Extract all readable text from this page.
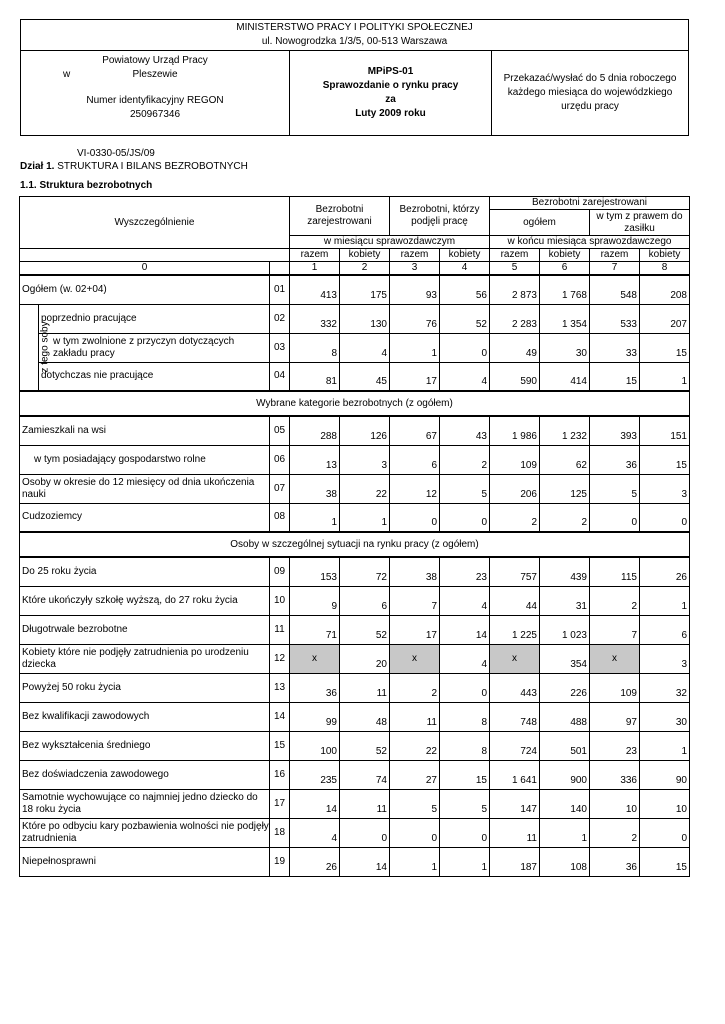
MINISTERSTWO PRACY I POLITYKI SPOŁECZNEJ
ul. Nowogrodzka 1/3/5, 00-513 Warszawa

Powiatowy Urząd Pracy
w	Pleszewie
Numer identyfikacyjny REGON
250967346

MPiPS-01
Sprawozdanie o rynku pracy
za
Luty 2009 roku
	Przekazać/wysłać do 5 dnia roboczego każdego miesiąca do wojewódzkiego urzędu pracy
VI-0330-05/JS/09
Dział 1. STRUKTURA I BILANS BEZROBOTNYCH
1.1. Struktura bezrobotnych
Wyszczególnienie			Bezrobotni zarejestrowani		Bezrobotni, którzy podjęli pracę		Bezrobotni zarejestrowani			
							ogółem		w tym z prawem do zasiłku	
			w miesiącu sprawozdawczym				w końcu miesiąca sprawozdawczego			
			razem	kobiety	razem	kobiety	razem	kobiety	razem	kobiety
0			1	2	3	4	5	6	7	8
Ogółem (w. 02+04)		01	413	175	93	56	2 873	1 768	548	208
z tego soby	poprzednio pracujące	02	332	130	76	52	2 283	1 354	533	207
	w tym zwolnione z przyczyn dotyczących zakładu pracy	03	8	4	1	0	49	30	33	15
	dotychczas nie pracujące	04	81	45	17	4	590	414	15	1
Wybrane kategorie bezrobotnych (z ogółem)										
Zamieszkali na wsi		05	288	126	67	43	1 986	1 232	393	151
w tym posiadający gospodarstwo rolne		06	13	3	6	2	109	62	36	15
Osoby w okresie do 12 miesięcy od dnia ukończenia nauki		07	38	22	12	5	206	125	5	3
Cudzoziemcy		08	1	1	0	0	2	2	0	0
Osoby w szczególnej sytuacji na rynku pracy (z ogółem)										
Do 25 roku życia		09	153	72	38	23	757	439	115	26
Które ukończyły szkołę wyższą, do 27 roku życia		10	9	6	7	4	44	31	2	1
Długotrwale bezrobotne		11	71	52	17	14	1 225	1 023	7	6
Kobiety które nie podjęły zatrudnienia po urodzeniu dziecka		12	x	20	x	4	x	354	x	3
Powyżej 50 roku życia		13	36	11	2	0	443	226	109	32
Bez kwalifikacji zawodowych		14	99	48	11	8	748	488	97	30
Bez wykształcenia średniego		15	100	52	22	8	724	501	23	1
Bez doświadczenia zawodowego		16	235	74	27	15	1 641	900	336	90
Samotnie wychowujące co najmniej jedno dziecko do 18 roku życia		17	14	11	5	5	147	140	10	10
Które po odbyciu kary pozbawienia wolności nie podjęły zatrudnienia		18	4	0	0	0	11	1	2	0
Niepełnosprawni		19	26	14	1	1	187	108	36	15
